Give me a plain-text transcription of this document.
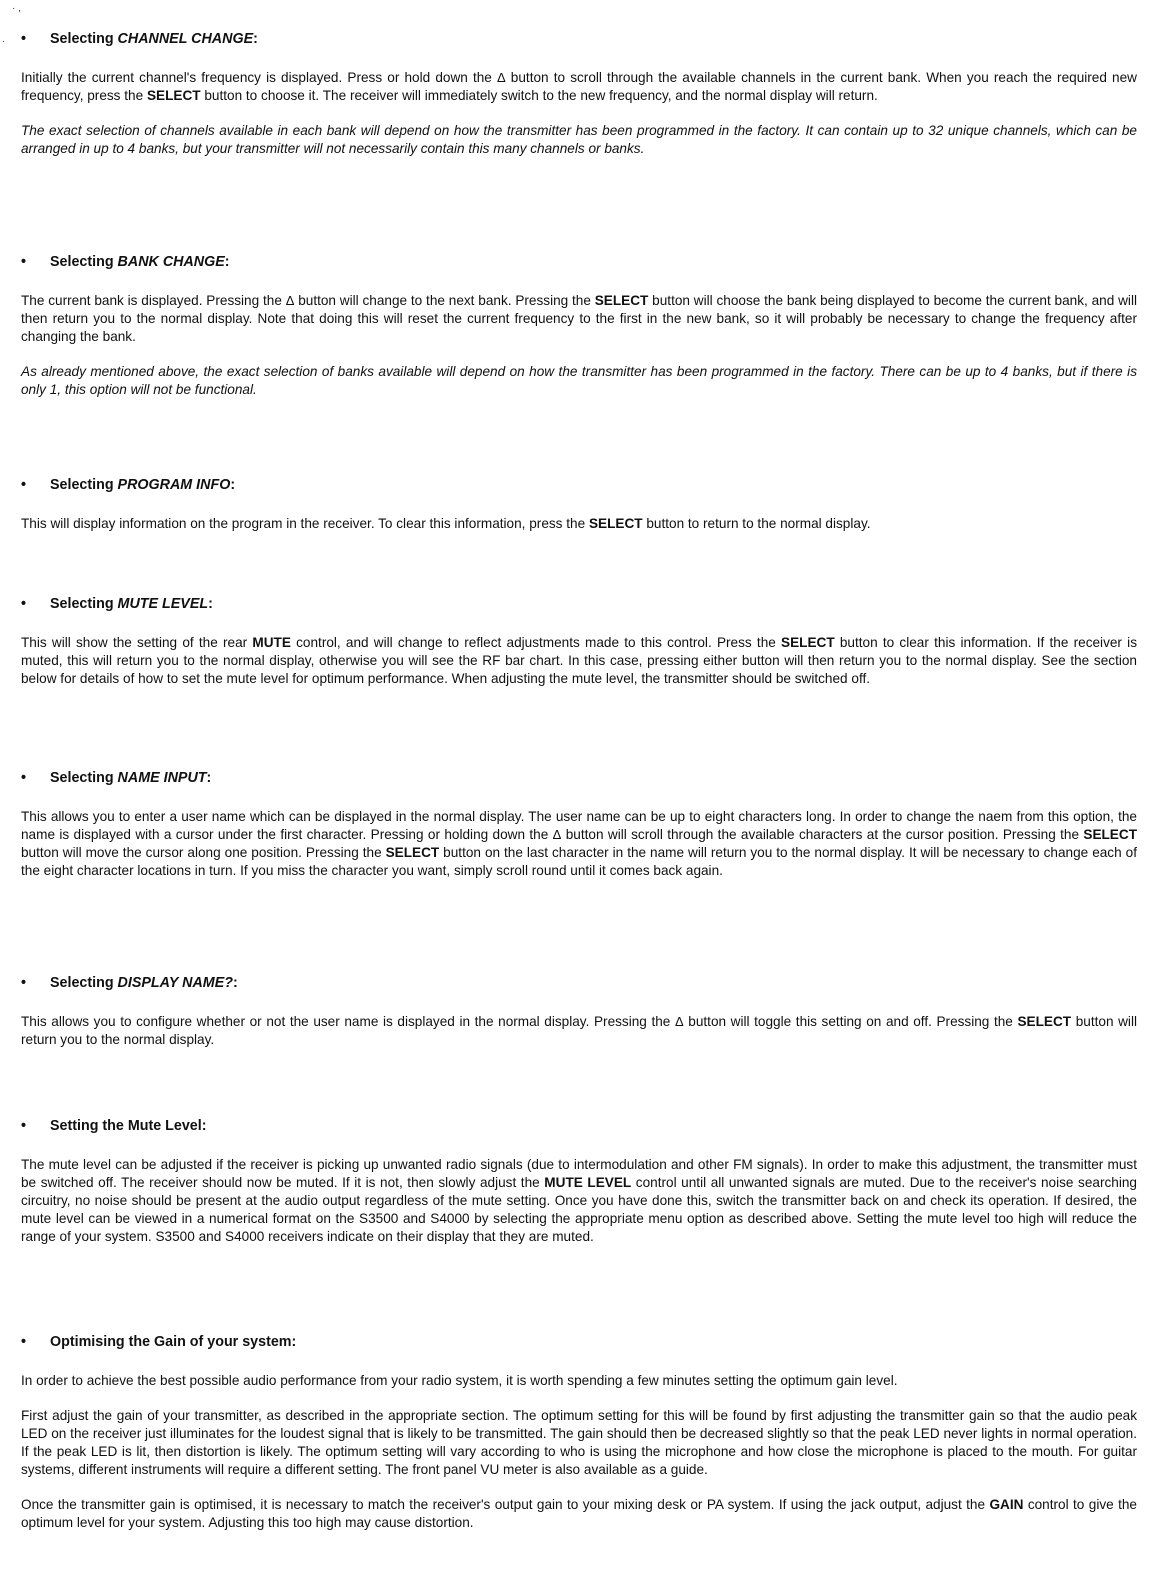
· ,
· • Selecting CHANNEL CHANGE:

Initially the current channel's frequency is displayed. Press or hold down the Δ button to scroll through the available channels in the current bank. When you reach the required new frequency, press the SELECT button to choose it. The receiver will immediately switch to the new frequency, and the normal display will return.

The exact selection of channels available in each bank will depend on how the transmitter has been programmed in the factory. It can contain up to 32 unique channels, which can be arranged in up to 4 banks, but your transmitter will not necessarily contain this many channels or banks.

• Selecting BANK CHANGE:

The current bank is displayed. Pressing the Δ button will change to the next bank. Pressing the SELECT button will choose the bank being displayed to become the current bank, and will then return you to the normal display. Note that doing this will reset the current frequency to the first in the new bank, so it will probably be necessary to change the frequency after changing the bank.

As already mentioned above, the exact selection of banks available will depend on how the transmitter has been programmed in the factory. There can be up to 4 banks, but if there is only 1, this option will not be functional.

• Selecting PROGRAM INFO:

This will display information on the program in the receiver. To clear this information, press the SELECT button to return to the normal display.

• Selecting MUTE LEVEL:

This will show the setting of the rear MUTE control, and will change to reflect adjustments made to this control. Press the SELECT button to clear this information. If the receiver is muted, this will return you to the normal display, otherwise you will see the RF bar chart. In this case, pressing either button will then return you to the normal display. See the section below for details of how to set the mute level for optimum performance. When adjusting the mute level, the transmitter should be switched off.

• Selecting NAME INPUT:

This allows you to enter a user name which can be displayed in the normal display. The user name can be up to eight characters long. In order to change the naem from this option, the name is displayed with a cursor under the first character. Pressing or holding down the Δ button will scroll through the available characters at the cursor position. Pressing the SELECT button will move the cursor along one position. Pressing the SELECT button on the last character in the name will return you to the normal display. It will be necessary to change each of the eight character locations in turn. If you miss the character you want, simply scroll round until it comes back again.

• Selecting DISPLAY NAME?:

This allows you to configure whether or not the user name is displayed in the normal display. Pressing the Δ button will toggle this setting on and off. Pressing the SELECT button will return you to the normal display.

• Setting the Mute Level:

The mute level can be adjusted if the receiver is picking up unwanted radio signals (due to intermodulation and other FM signals). In order to make this adjustment, the transmitter must be switched off. The receiver should now be muted. If it is not, then slowly adjust the MUTE LEVEL control until all unwanted signals are muted. Due to the receiver's noise searching circuitry, no noise should be present at the audio output regardless of the mute setting. Once you have done this, switch the transmitter back on and check its operation. If desired, the mute level can be viewed in a numerical format on the S3500 and S4000 by selecting the appropriate menu option as described above. Setting the mute level too high will reduce the range of your system. S3500 and S4000 receivers indicate on their display that they are muted.

• Optimising the Gain of your system:

In order to achieve the best possible audio performance from your radio system, it is worth spending a few minutes setting the optimum gain level.

First adjust the gain of your transmitter, as described in the appropriate section. The optimum setting for this will be found by first adjusting the transmitter gain so that the audio peak LED on the receiver just illuminates for the loudest signal that is likely to be transmitted. The gain should then be decreased slightly so that the peak LED never lights in normal operation. If the peak LED is lit, then distortion is likely. The optimum setting will vary according to who is using the microphone and how close the microphone is placed to the mouth. For guitar systems, different instruments will require a different setting. The front panel VU meter is also available as a guide.

Once the transmitter gain is optimised, it is necessary to match the receiver's output gain to your mixing desk or PA system. If using the jack output, adjust the GAIN control to give the optimum level for your system. Adjusting this too high may cause distortion.
